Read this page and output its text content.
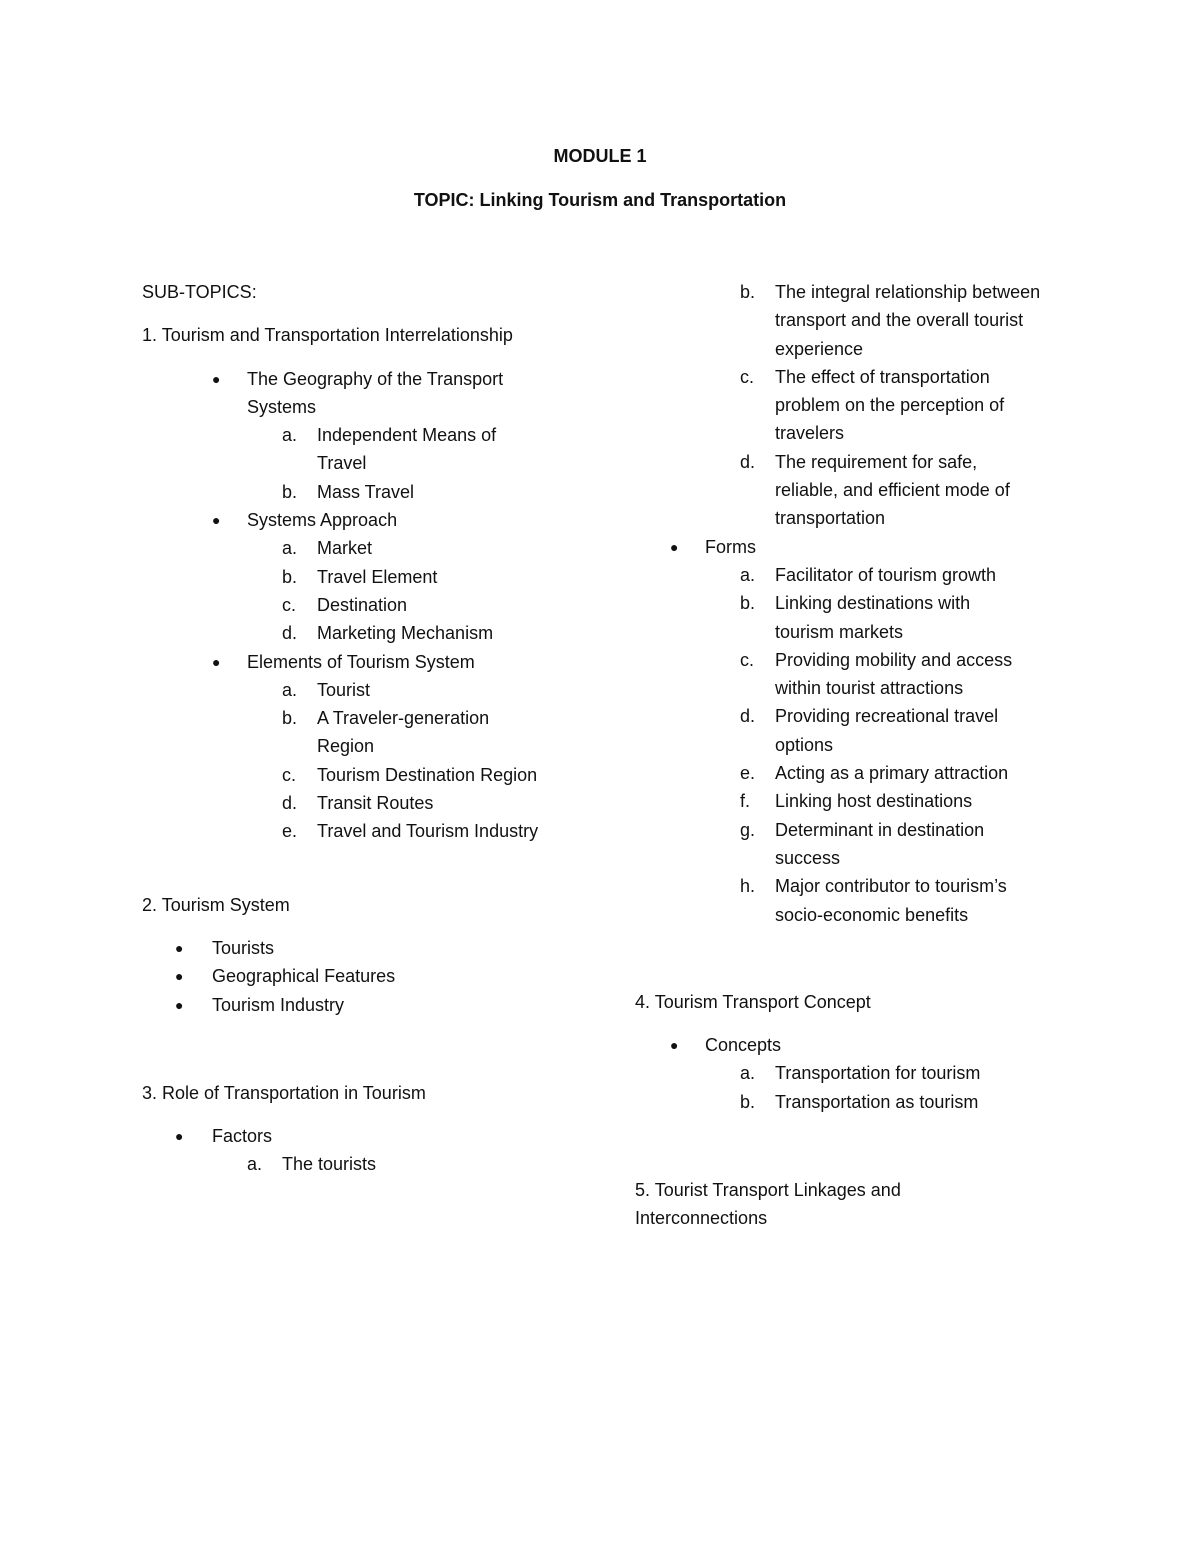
MODULE 1
TOPIC: Linking Tourism and Transportation
SUB-TOPICS:
1. Tourism and Transportation Interrelationship
● The Geography of the Transport Systems
a. Independent Means of Travel
b. Mass Travel
● Systems Approach
a. Market
b. Travel Element
c. Destination
d. Marketing Mechanism
● Elements of Tourism System
a. Tourist
b. A Traveler-generation Region
c. Tourism Destination Region
d. Transit Routes
e. Travel and Tourism Industry
2. Tourism System
● Tourists
● Geographical Features
● Tourism Industry
3. Role of Transportation in Tourism
● Factors
a. The tourists
b. The integral relationship between transport and the overall tourist experience
c. The effect of transportation problem on the perception of travelers
d. The requirement for safe, reliable, and efficient mode of transportation
● Forms
a. Facilitator of tourism growth
b. Linking destinations with tourism markets
c. Providing mobility and access within tourist attractions
d. Providing recreational travel options
e. Acting as a primary attraction
f. Linking host destinations
g. Determinant in destination success
h. Major contributor to tourism’s socio-economic benefits
4. Tourism Transport Concept
● Concepts
a. Transportation for tourism
b. Transportation as tourism
5. Tourist Transport Linkages and Interconnections
